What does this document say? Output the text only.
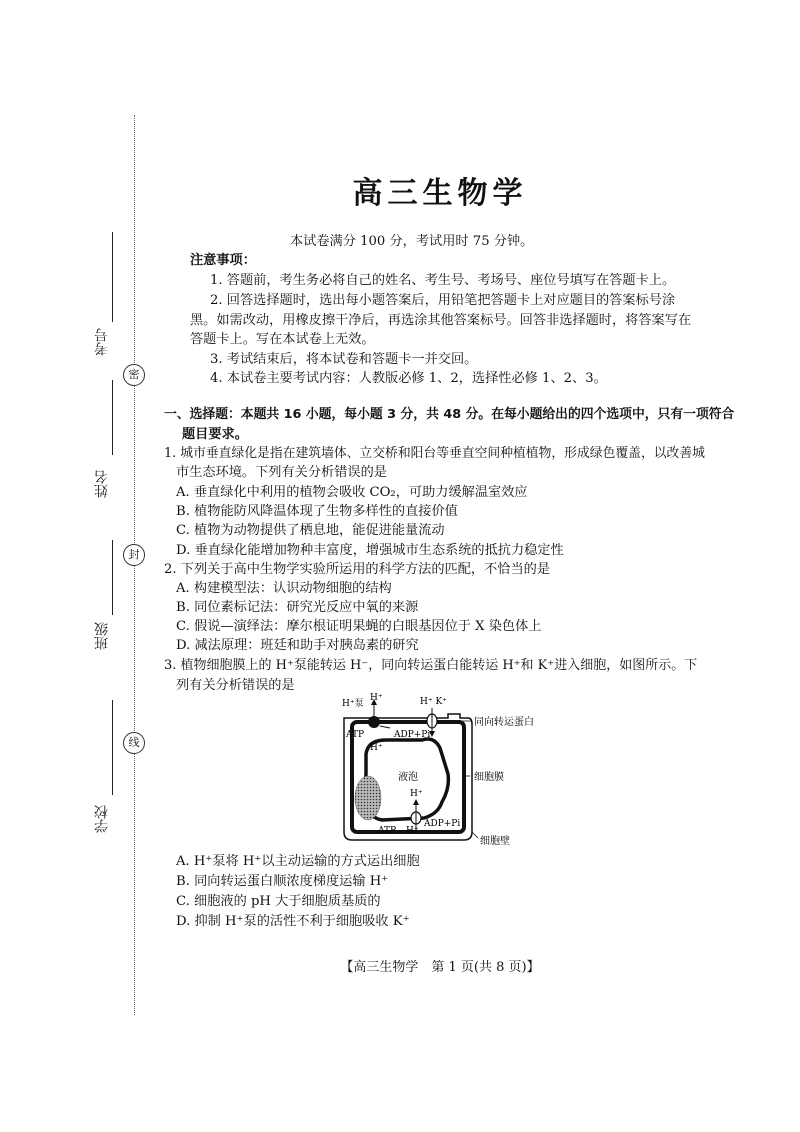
考号
姓名
班级
学校
密
封
线
高三生物学
本试卷满分 100 分，考试用时 75 分钟。
注意事项：
1. 答题前，考生务必将自己的姓名、考生号、考场号、座位号填写在答题卡上。
2. 回答选择题时，选出每小题答案后，用铅笔把答题卡上对应题目的答案标号涂
黑。如需改动，用橡皮擦干净后，再选涂其他答案标号。回答非选择题时，将答案写在
答题卡上。写在本试卷上无效。
3. 考试结束后，将本试卷和答题卡一并交回。
4. 本试卷主要考试内容：人教版必修 1、2，选择性必修 1、2、3。
一、选择题：本题共 16 小题，每小题 3 分，共 48 分。在每小题给出的四个选项中，只有一项符合
题目要求。
1. 城市垂直绿化是指在建筑墙体、立交桥和阳台等垂直空间种植植物，形成绿色覆盖，以改善城
市生态环境。下列有关分析错误的是
A. 垂直绿化中利用的植物会吸收 CO₂，可助力缓解温室效应
B. 植物能防风降温体现了生物多样性的直接价值
C. 植物为动物提供了栖息地，能促进能量流动
D. 垂直绿化能增加物种丰富度，增强城市生态系统的抵抗力稳定性
2. 下列关于高中生物学实验所运用的科学方法的匹配，不恰当的是
A. 构建模型法：认识动物细胞的结构
B. 同位素标记法：研究光反应中氧的来源
C. 假说—演绎法：摩尔根证明果蝇的白眼基因位于 X 染色体上
D. 减法原理：班廷和助手对胰岛素的研究
3. 植物细胞膜上的 H⁺泵能转运 H⁻，同向转运蛋白能转运 H⁺和 K⁺进入细胞，如图所示。下
列有关分析错误的是
H⁺泵
H⁺	H⁺ K⁺
同向转运蛋白
ATP	ADP+Pi
H⁺
液泡	细胞膜
H⁺
ATP H⁺
ADP+Pi
细胞壁
A. H⁺泵将 H⁺以主动运输的方式运出细胞
B. 同向转运蛋白顺浓度梯度运输 H⁺
C. 细胞液的 pH 大于细胞质基质的
D. 抑制 H⁺泵的活性不利于细胞吸收 K⁺
【高三生物学　第 1 页(共 8 页)】
